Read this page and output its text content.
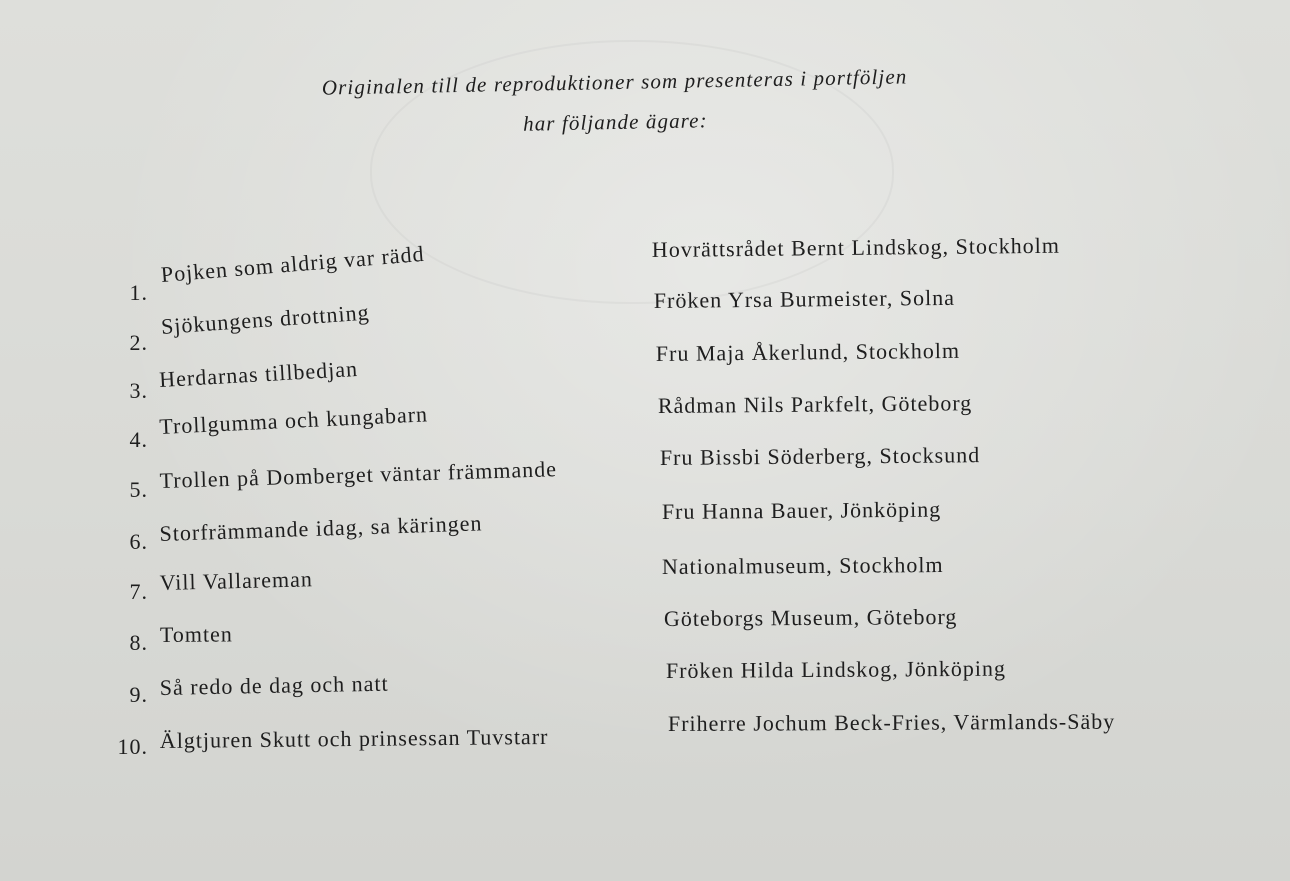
Originalen till de reproduktioner som presenteras i portföljen
har följande ägare:
1.
Pojken som aldrig var rädd	Hovrättsrådet Bernt Lindskog, Stockholm
2.
Sjökungens drottning
Fröken Yrsa Burmeister, Solna
3. Herdarnas tillbedjan
Fru Maja Åkerlund, Stockholm
4.
Trollgumma och kungabarn	Rådman Nils Parkfelt, Göteborg
5. Trollen på Domberget väntar främmande
Fru Bissbi Söderberg, Stocksund
6. Storfrämmande idag, sa käringen
Fru Hanna Bauer, Jönköping
7. Vill Vallareman
Nationalmuseum, Stockholm
8. Tomten
Göteborgs Museum, Göteborg
9. Så redo de dag och natt
Fröken Hilda Lindskog, Jönköping
10. Älgtjuren Skutt och prinsessan Tuvstarr
Friherre Jochum Beck-Fries, Värmlands-Säby
